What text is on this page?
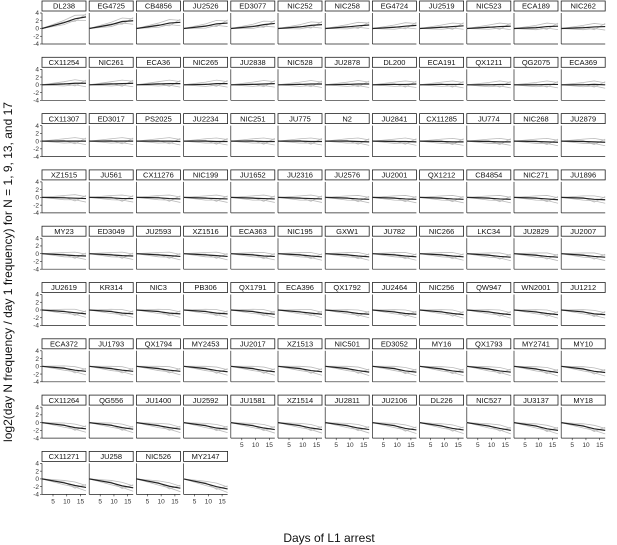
Days of L1 arrest
log2(day N frequency / day 1 frequency) for N = 1, 9, 13, and 17
DL238
-4
-2
0
2
4
EG4725	CB4856	JU2526	ED3077	NIC252	NIC258	EG4724	JU2519	NIC523	ECA189	NIC262
CX11254
-4
-2
0
2
4
NIC261	ECA36	NIC265	JU2838	NIC528	JU2878	DL200	ECA191	QX1211	QG2075	ECA369
CX11307
-4
-2
0
2
4
ED3017	PS2025	JU2234	NIC251	JU775	N2	JU2841	CX11285	JU774	NIC268	JU2879
XZ1515
-4
-2
0
2
4
JU561	CX11276	NIC199	JU1652	JU2316	JU2576	JU2001	QX1212	CB4854	NIC271	JU1896
MY23
-4
-2
0
2
4
ED3049	JU2593	XZ1516	ECA363	NIC195	GXW1	JU782	NIC266	LKC34	JU2829	JU2007
JU2619
-4
-2
0
2
4
KR314	NIC3	PB306	QX1791	ECA396	QX1792	JU2464	NIC256	QW947	WN2001	JU1212
ECA372
-4
-2
0
2
4
JU1793	QX1794	MY2453	JU2017	XZ1513	NIC501	ED3052	MY16	QX1793	MY2741	MY10
CX11264
-4
-2
0
2
4
QG556	JU1400	JU2592	JU1581
5 10 15
XZ1514
5 10 15
JU2811
5 10 15
JU2106
5 10 15
DL226
5 10 15
NIC527
5 10 15
JU3137
5 10 15
MY18
5 10 15
CX11271
-4
-2
0
2
4
5 10 15
JU258
5 10 15
NIC526
5 10 15
MY2147
5 10 15
